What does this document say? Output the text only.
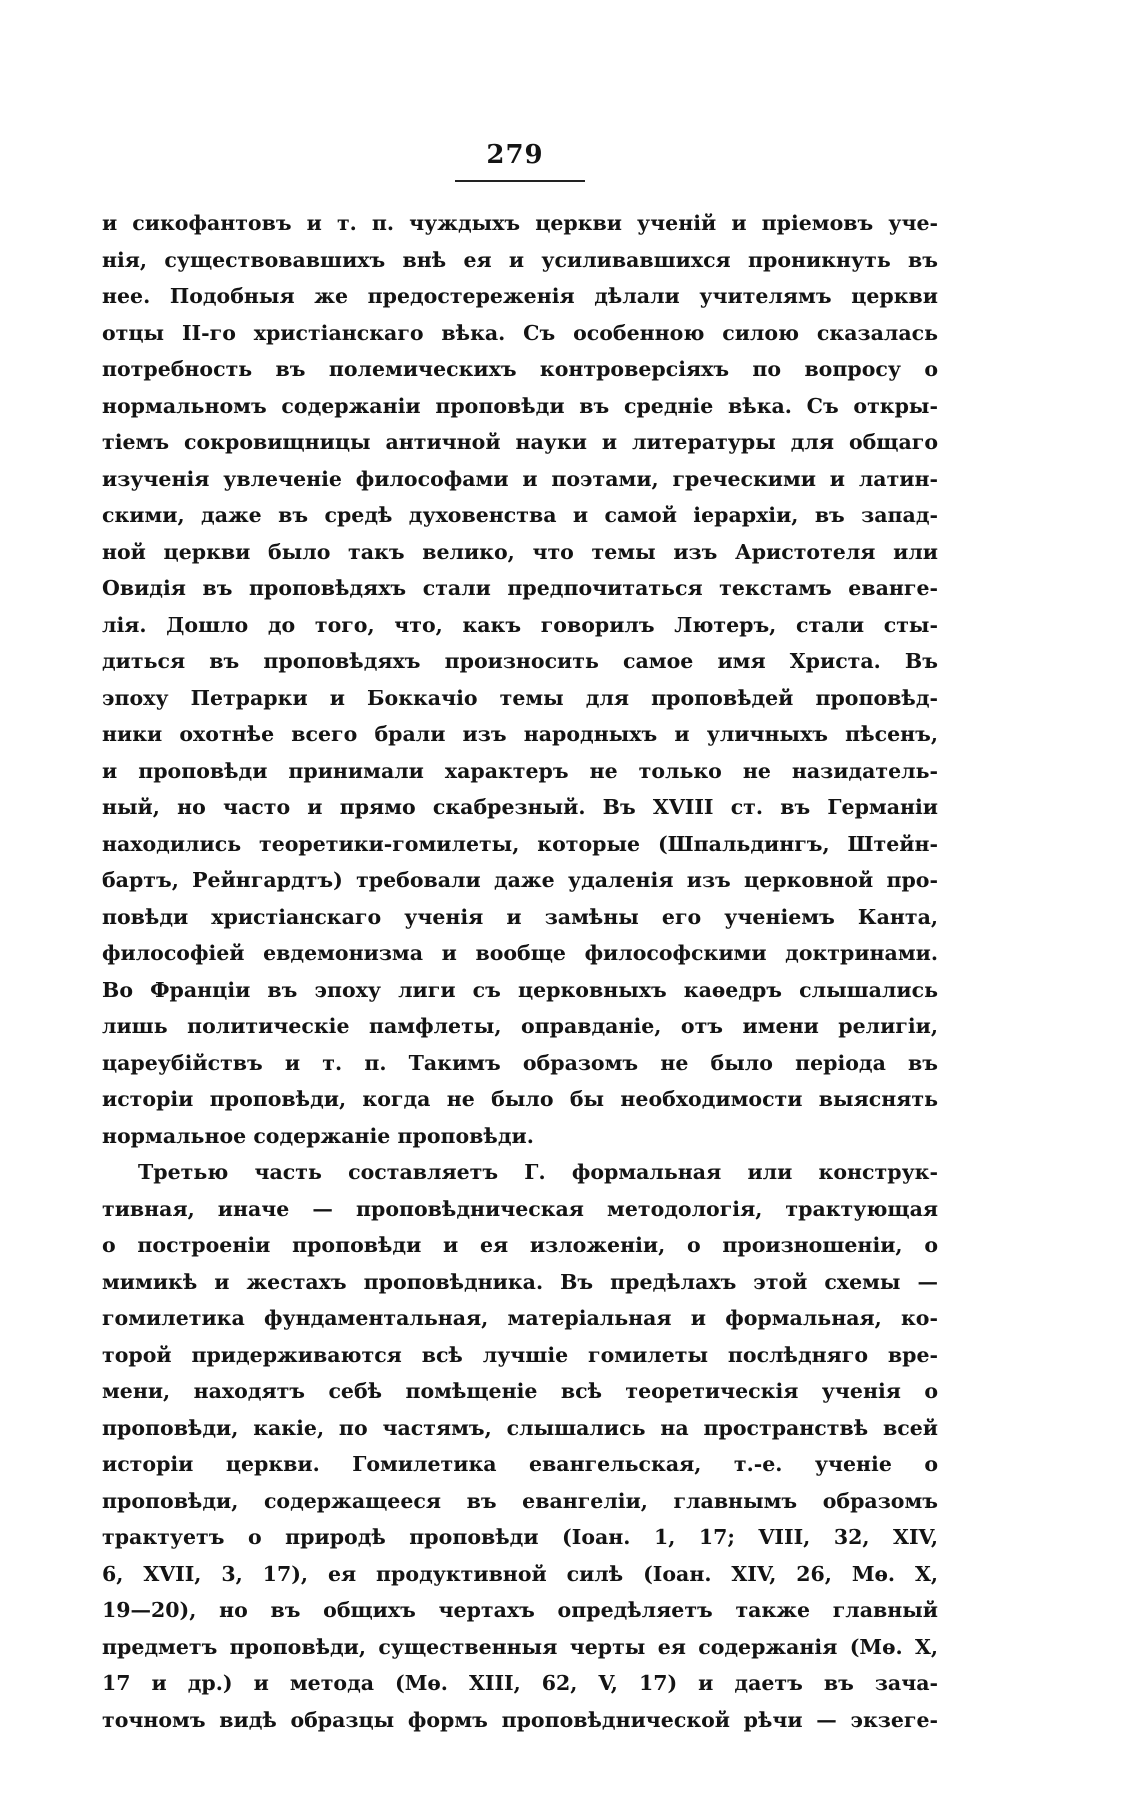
279
и сикофантовъ и т. п. чуждыхъ церкви ученій и пріемовъ уче-
нія, существовавшихъ внѣ ея и усиливавшихся проникнуть въ
нее. Подобныя же предостереженія дѣлали учителямъ церкви
отцы II-го христіанскаго вѣка. Съ особенною силою сказалась
потребность въ полемическихъ контроверсіяхъ по вопросу о
нормальномъ содержаніи проповѣди въ средніе вѣка. Съ откры-
тіемъ сокровищницы античной науки и литературы для общаго
изученія увлеченіе философами и поэтами, греческими и латин-
скими, даже въ средѣ духовенства и самой іерархіи, въ запад-
ной церкви было такъ велико, что темы изъ Аристотеля или
Овидія въ проповѣдяхъ стали предпочитаться текстамъ еванге-
лія. Дошло до того, что, какъ говорилъ Лютеръ, стали сты-
диться въ проповѣдяхъ произносить самое имя Христа. Въ
эпоху Петрарки и Боккачіо темы для проповѣдей проповѣд-
ники охотнѣе всего брали изъ народныхъ и уличныхъ пѣсенъ,
и проповѣди принимали характеръ не только не назидатель-
ный, но часто и прямо скабрезный. Въ XVIII ст. въ Германіи
находились теоретики-гомилеты, которые (Шпальдингъ, Штейн-
бартъ, Рейнгардтъ) требовали даже удаленія изъ церковной про-
повѣди христіанскаго ученія и замѣны его ученіемъ Канта,
философіей евдемонизма и вообще философскими доктринами.
Во Франціи въ эпоху лиги съ церковныхъ каѳедръ слышались
лишь политическіе памфлеты, оправданіе, отъ имени религіи,
цареубійствъ и т. п. Такимъ образомъ не было періода въ
исторіи проповѣди, когда не было бы необходимости выяснять
нормальное содержаніе проповѣди.
Третью часть составляетъ Г. формальная или конструк-
тивная, иначе — проповѣдническая методологія, трактующая
о построеніи проповѣди и ея изложеніи, о произношеніи, о
мимикѣ и жестахъ проповѣдника. Въ предѣлахъ этой схемы —
гомилетика фундаментальная, матеріальная и формальная, ко-
торой придерживаются всѣ лучшіе гомилеты послѣдняго вре-
мени, находятъ себѣ помѣщеніе всѣ теоретическія ученія о
проповѣди, какіе, по частямъ, слышались на пространствѣ всей
исторіи церкви. Гомилетика евангельская, т.-е. ученіе о
проповѣди, содержащееся въ евангеліи, главнымъ образомъ
трактуетъ о природѣ проповѣди (Іоан. 1, 17; VIII, 32, XIV,
6, XVII, 3, 17), ея продуктивной силѣ (Іоан. XIV, 26, Мѳ. X,
19—20), но въ общихъ чертахъ опредѣляетъ также главный
предметъ проповѣди, существенныя черты ея содержанія (Мѳ. X,
17 и др.) и метода (Мѳ. XIII, 62, V, 17) и даетъ въ зача-
точномъ видѣ образцы формъ проповѣднической рѣчи — экзеге-
